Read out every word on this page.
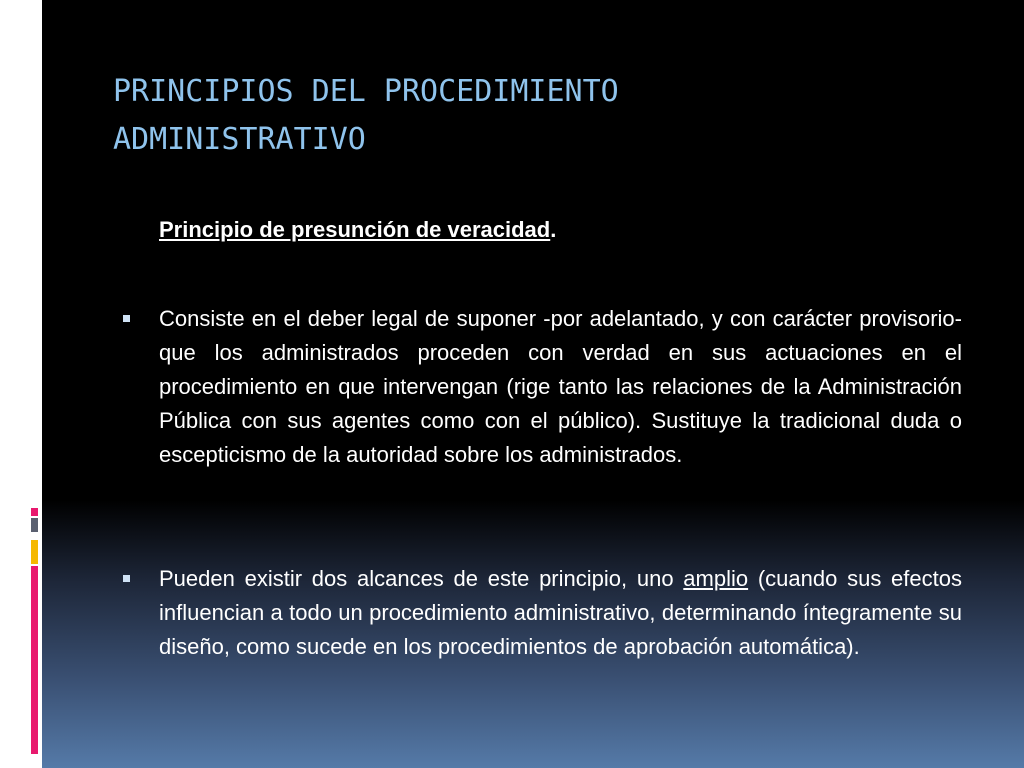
PRINCIPIOS DEL PROCEDIMIENTO
ADMINISTRATIVO
Principio de presunción de veracidad.

Consiste en el deber legal de suponer -por adelantado, y con carácter provisorio- que los administrados proceden con verdad en sus actuaciones en el procedimiento en que intervengan (rige tanto las relaciones de la Administración Pública con sus agentes como con el público). Sustituye la tradicional duda o escepticismo de la autoridad sobre los administrados.

Pueden existir dos alcances de este principio, uno amplio (cuando sus efectos influencian a todo un procedimiento administrativo, determinando íntegramente su diseño, como sucede en los procedimientos de aprobación automática).
